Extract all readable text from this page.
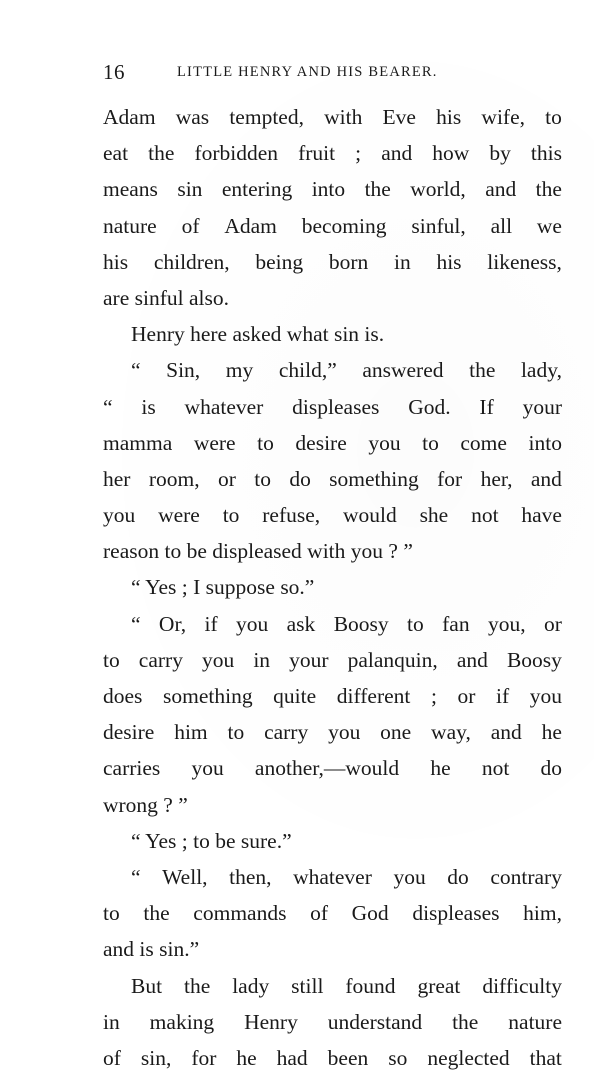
16	LITTLE HENRY AND HIS BEARER.
Adam was tempted, with Eve his wife, to
eat the forbidden fruit ; and how by this
means sin entering into the world, and the
nature of Adam becoming sinful, all we
his children, being born in his likeness,
are sinful also.
Henry here asked what sin is.
“ Sin, my child,” answered the lady,
“ is whatever displeases God. If your
mamma were to desire you to come into
her room, or to do something for her, and
you were to refuse, would she not have
reason to be displeased with you ? ”
“ Yes ; I suppose so.”
“ Or, if you ask Boosy to fan you, or
to carry you in your palanquin, and Boosy
does something quite different ; or if you
desire him to carry you one way, and he
carries you another,—would he not do
wrong ? ”
“ Yes ; to be sure.”
“ Well, then, whatever you do contrary
to the commands of God displeases him,
and is sin.”
But the lady still found great difficulty
in making Henry understand the nature
of sin, for he had been so neglected that
